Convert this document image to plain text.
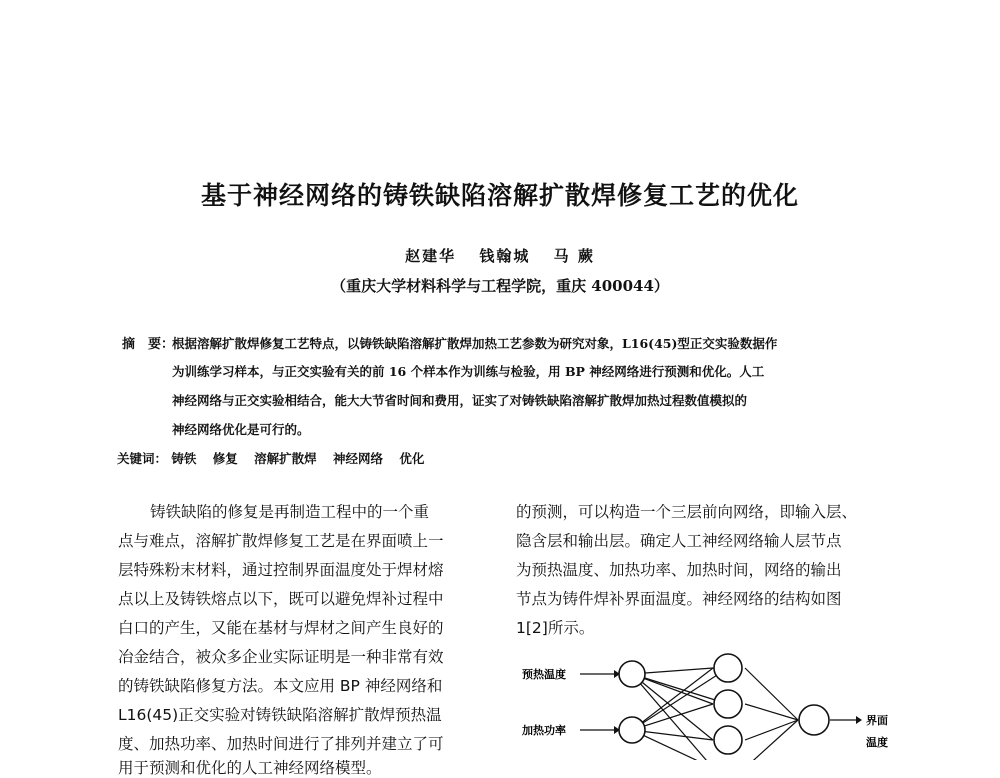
基于神经网络的铸铁缺陷溶解扩散焊修复工艺的优化
赵建华 钱翰城 马 蕨
（重庆大学材料科学与工程学院，重庆 400044）
摘　要：
根据溶解扩散焊修复工艺特点，以铸铁缺陷溶解扩散焊加热工艺参数为研究对象，L16(45)型正交实验数据作
为训练学习样本，与正交实验有关的前 16 个样本作为训练与检验，用 BP 神经网络进行预测和优化。人工
神经网络与正交实验相结合，能大大节省时间和费用，证实了对铸铁缺陷溶解扩散焊加热过程数值模拟的
神经网络优化是可行的。
关键词： 铸铁 修复 溶解扩散焊 神经网络 优化
铸铁缺陷的修复是再制造工程中的一个重
点与难点，溶解扩散焊修复工艺是在界面喷上一
层特殊粉末材料，通过控制界面温度处于焊材熔
点以上及铸铁熔点以下，既可以避免焊补过程中
白口的产生，又能在基材与焊材之间产生良好的
冶金结合，被众多企业实际证明是一种非常有效
的铸铁缺陷修复方法。本文应用 BP 神经网络和
L16(45)正交实验对铸铁缺陷溶解扩散焊预热温
度、加热功率、加热时间进行了排列并建立了可
用于预测和优化的人工神经网络模型。
的预测，可以构造一个三层前向网络，即输入层、
隐含层和输出层。确定人工神经网络输人层节点
为预热温度、加热功率、加热时间，网络的输出
节点为铸件焊补界面温度。神经网络的结构如图
1[2]所示。
预热温度
加热功率
界面
温度
